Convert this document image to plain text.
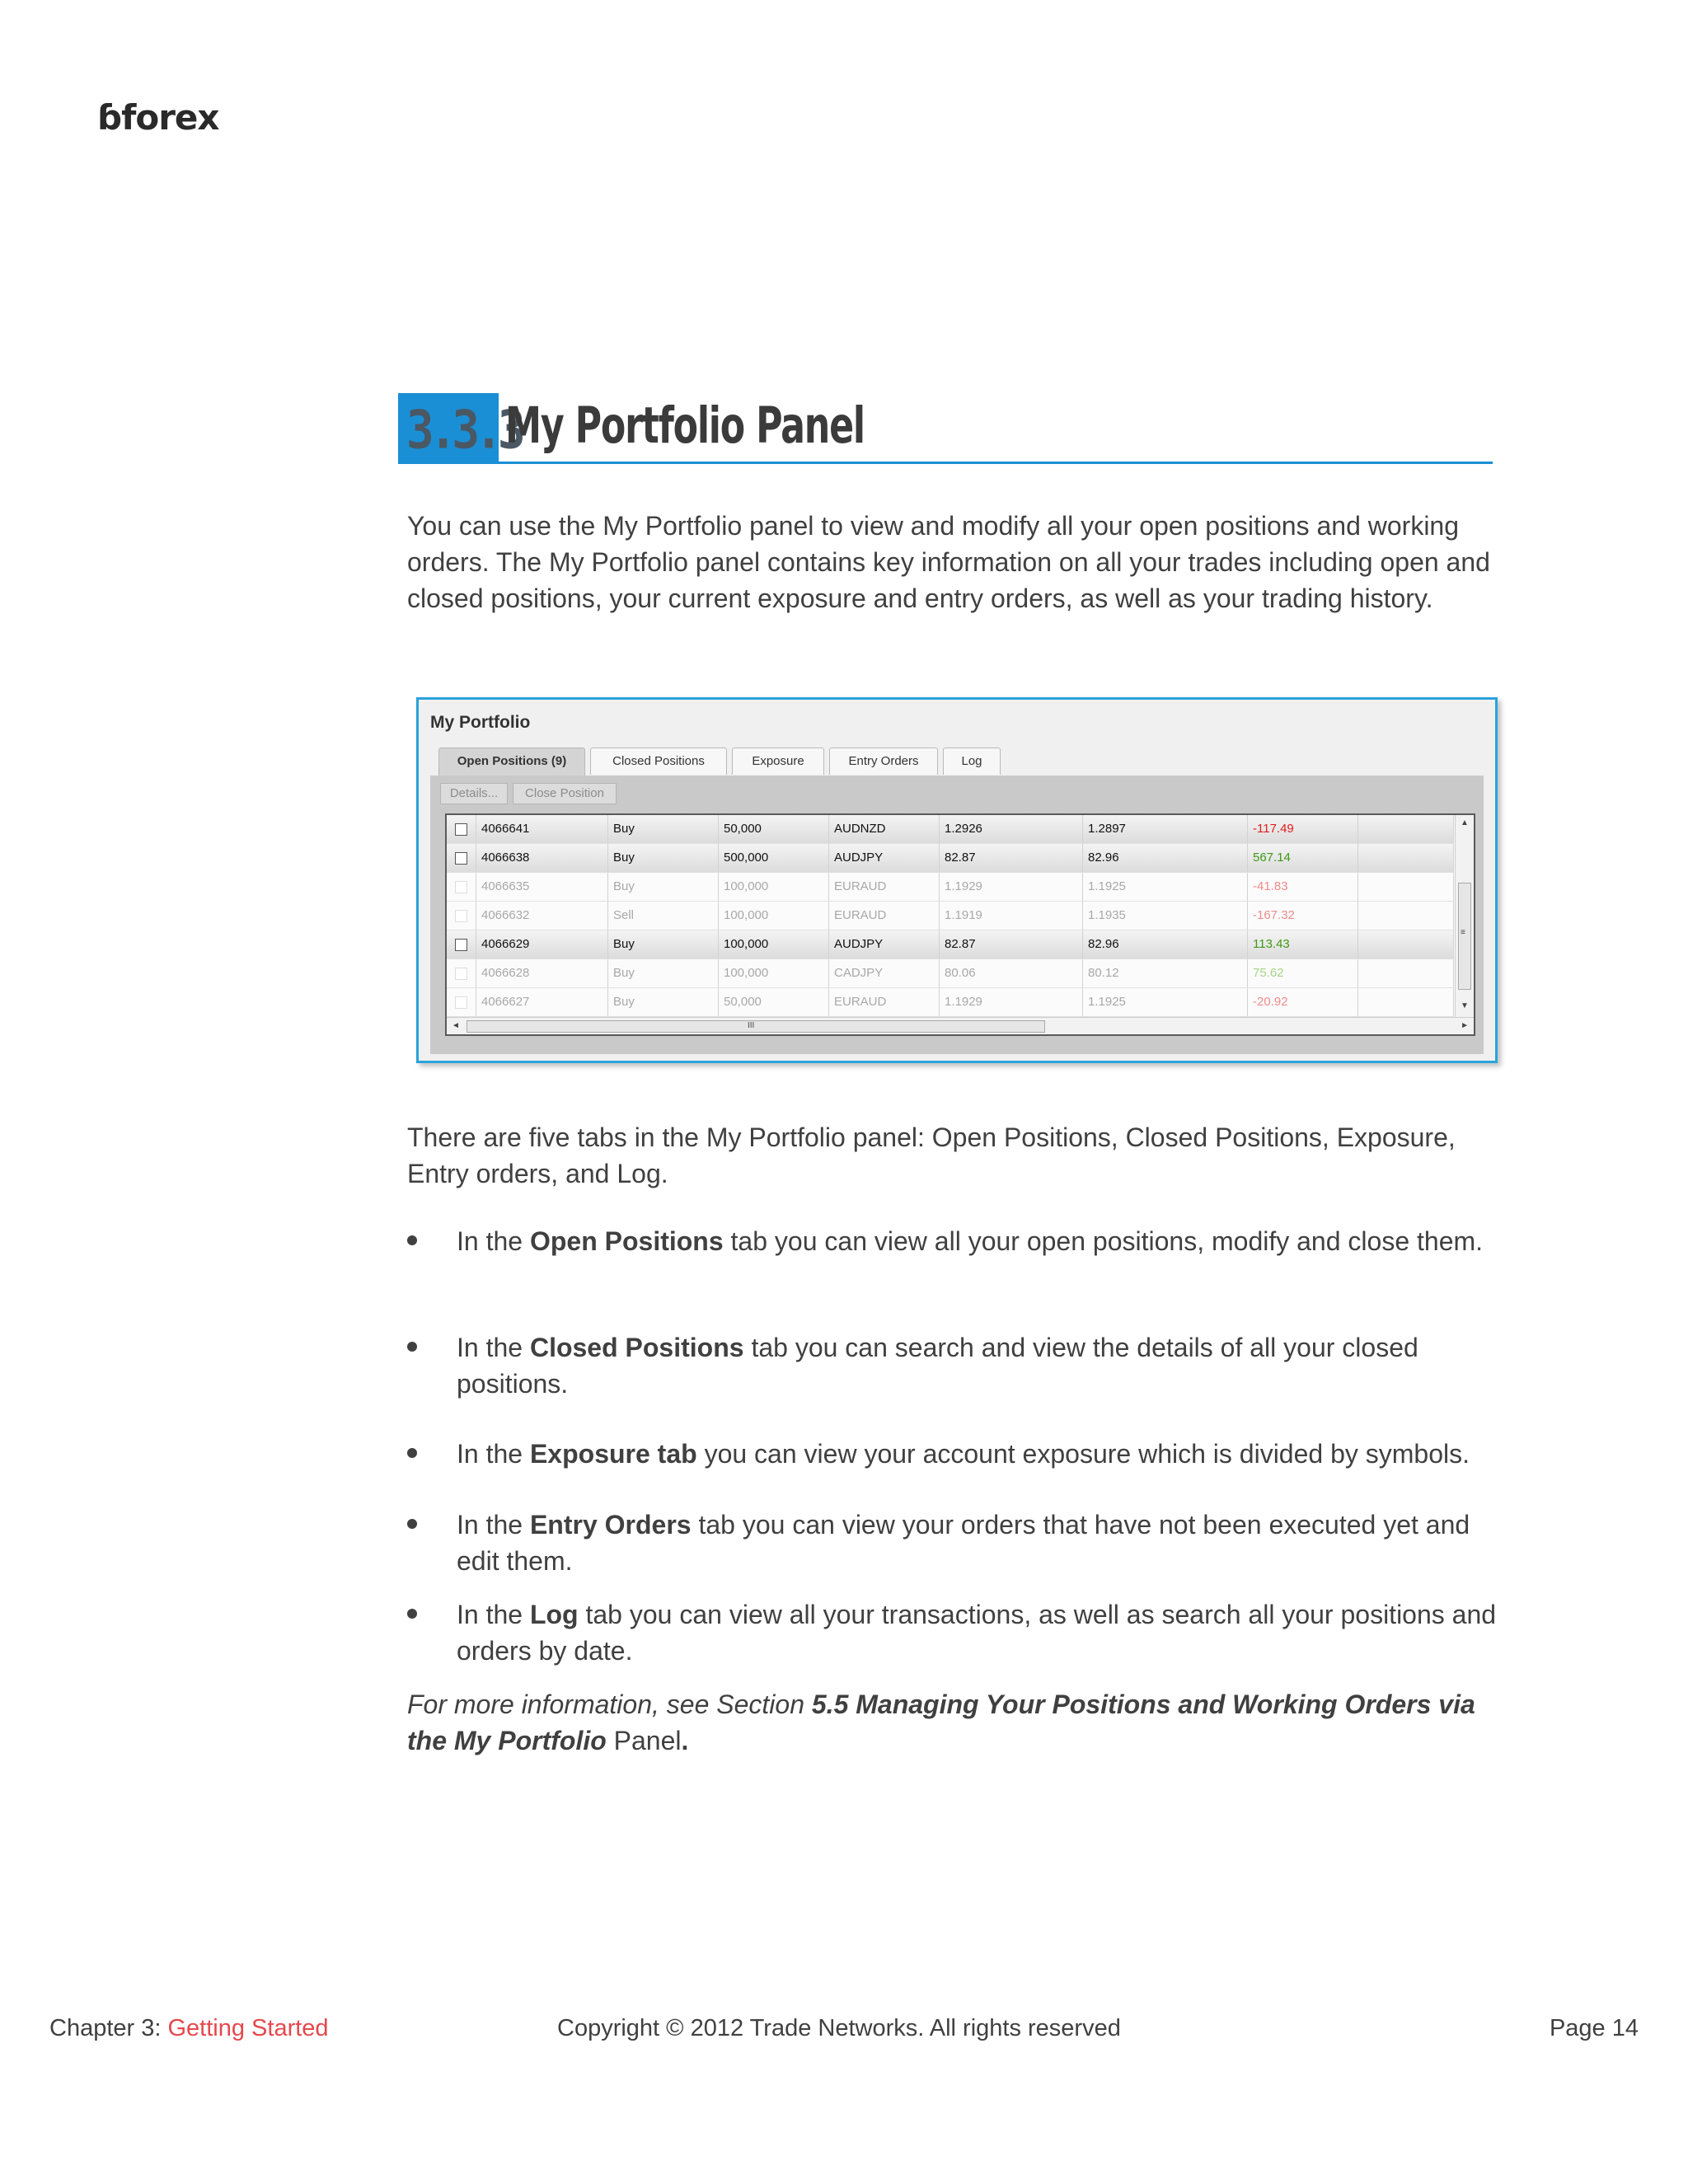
ɓforex
3.3.3
My Portfolio Panel

You can use the My Portfolio panel to view and modify all your open positions and working orders. The My Portfolio panel contains key information on all your trades including open and closed positions, your current exposure and entry orders, as well as your trading history.

My Portfolio
Open Positions (9)	Closed Positions	Exposure	Entry Orders	Log
Details...	Close Position
▲
≡
▼
◄	III	►
4066641	Buy	50,000	AUDNZD	1.2926	1.2897	-117.49
4066638	Buy	500,000	AUDJPY	82.87	82.96	567.14
4066635	Buy	100,000	EURAUD	1.1929	1.1925	-41.83
4066632	Sell	100,000	EURAUD	1.1919	1.1935	-167.32
4066629	Buy	100,000	AUDJPY	82.87	82.96	113.43
4066628	Buy	100,000	CADJPY	80.06	80.12	75.62
4066627	Buy	50,000	EURAUD	1.1929	1.1925	-20.92

There are five tabs in the My Portfolio panel: Open Positions, Closed Positions, Exposure, Entry orders, and Log.

In the Open Positions tab you can view all your open positions, modify and close them.
In the Closed Positions tab you can search and view the details of all your closed positions.
In the Exposure tab you can view your account exposure which is divided by symbols.
In the Entry Orders tab you can view your orders that have not been executed yet and edit them.
In the Log tab you can view all your transactions, as well as search all your positions and orders by date.

For more information, see Section 5.5 Managing Your Positions and Working Orders via the My Portfolio Panel.

Chapter 3: Getting Started	Copyright © 2012 Trade Networks. All rights reserved	Page 14
